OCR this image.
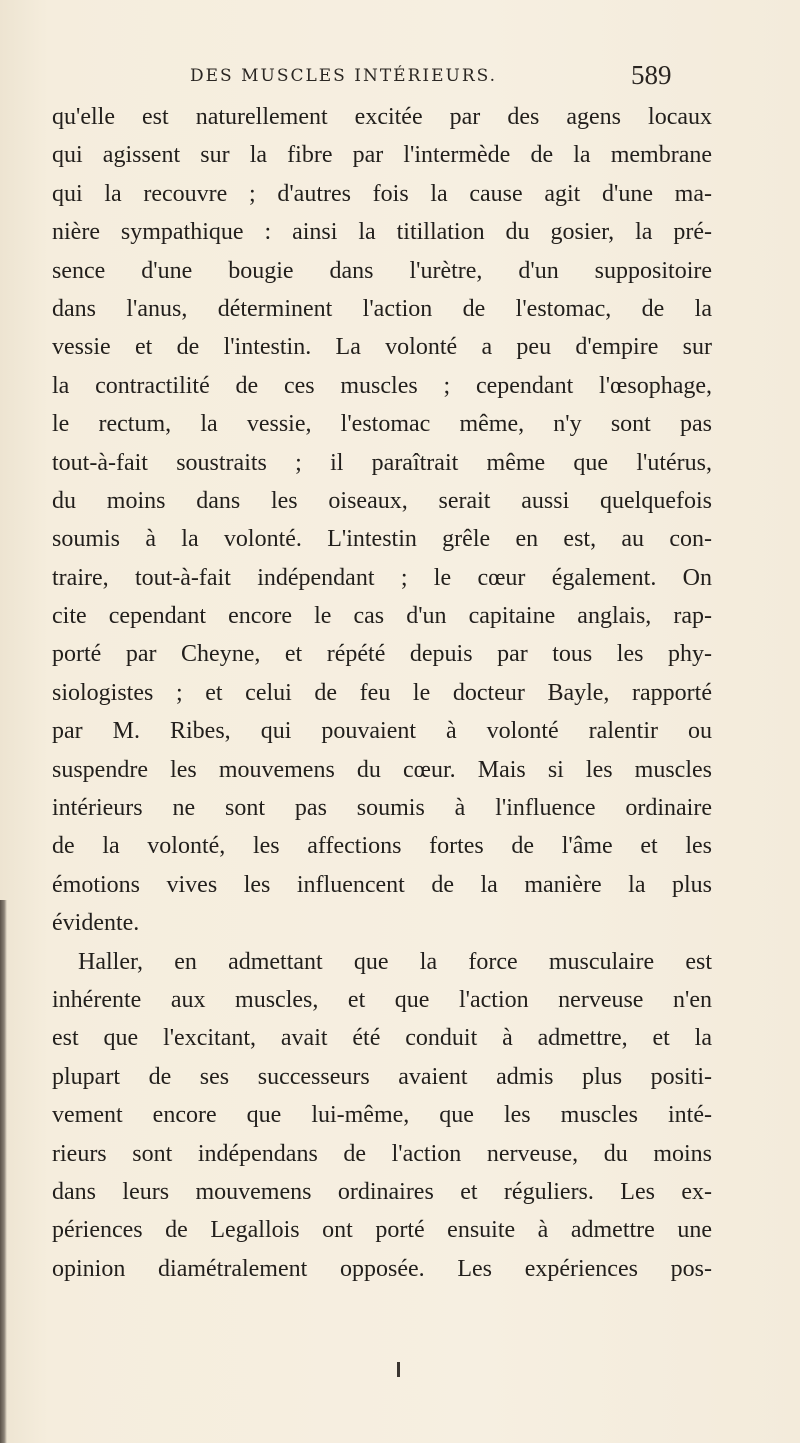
DES MUSCLES INTÉRIEURS.	589
qu'elle est naturellement excitée par des agens locaux
qui agissent sur la fibre par l'intermède de la membrane
qui la recouvre ; d'autres fois la cause agit d'une ma-
nière sympathique : ainsi la titillation du gosier, la pré-
sence d'une bougie dans l'urètre, d'un suppositoire
dans l'anus, déterminent l'action de l'estomac, de la
vessie et de l'intestin. La volonté a peu d'empire sur
la contractilité de ces muscles ; cependant l'œsophage,
le rectum, la vessie, l'estomac même, n'y sont pas
tout-à-fait soustraits ; il paraîtrait même que l'utérus,
du moins dans les oiseaux, serait aussi quelquefois
soumis à la volonté. L'intestin grêle en est, au con-
traire, tout-à-fait indépendant ; le cœur également. On
cite cependant encore le cas d'un capitaine anglais, rap-
porté par Cheyne, et répété depuis par tous les phy-
siologistes ; et celui de feu le docteur Bayle, rapporté
par M. Ribes, qui pouvaient à volonté ralentir ou
suspendre les mouvemens du cœur. Mais si les muscles
intérieurs ne sont pas soumis à l'influence ordinaire
de la volonté, les affections fortes de l'âme et les
émotions vives les influencent de la manière la plus
évidente.
Haller, en admettant que la force musculaire est
inhérente aux muscles, et que l'action nerveuse n'en
est que l'excitant, avait été conduit à admettre, et la
plupart de ses successeurs avaient admis plus positi-
vement encore que lui-même, que les muscles inté-
rieurs sont indépendans de l'action nerveuse, du moins
dans leurs mouvemens ordinaires et réguliers. Les ex-
périences de Legallois ont porté ensuite à admettre une
opinion diamétralement opposée. Les expériences pos-
